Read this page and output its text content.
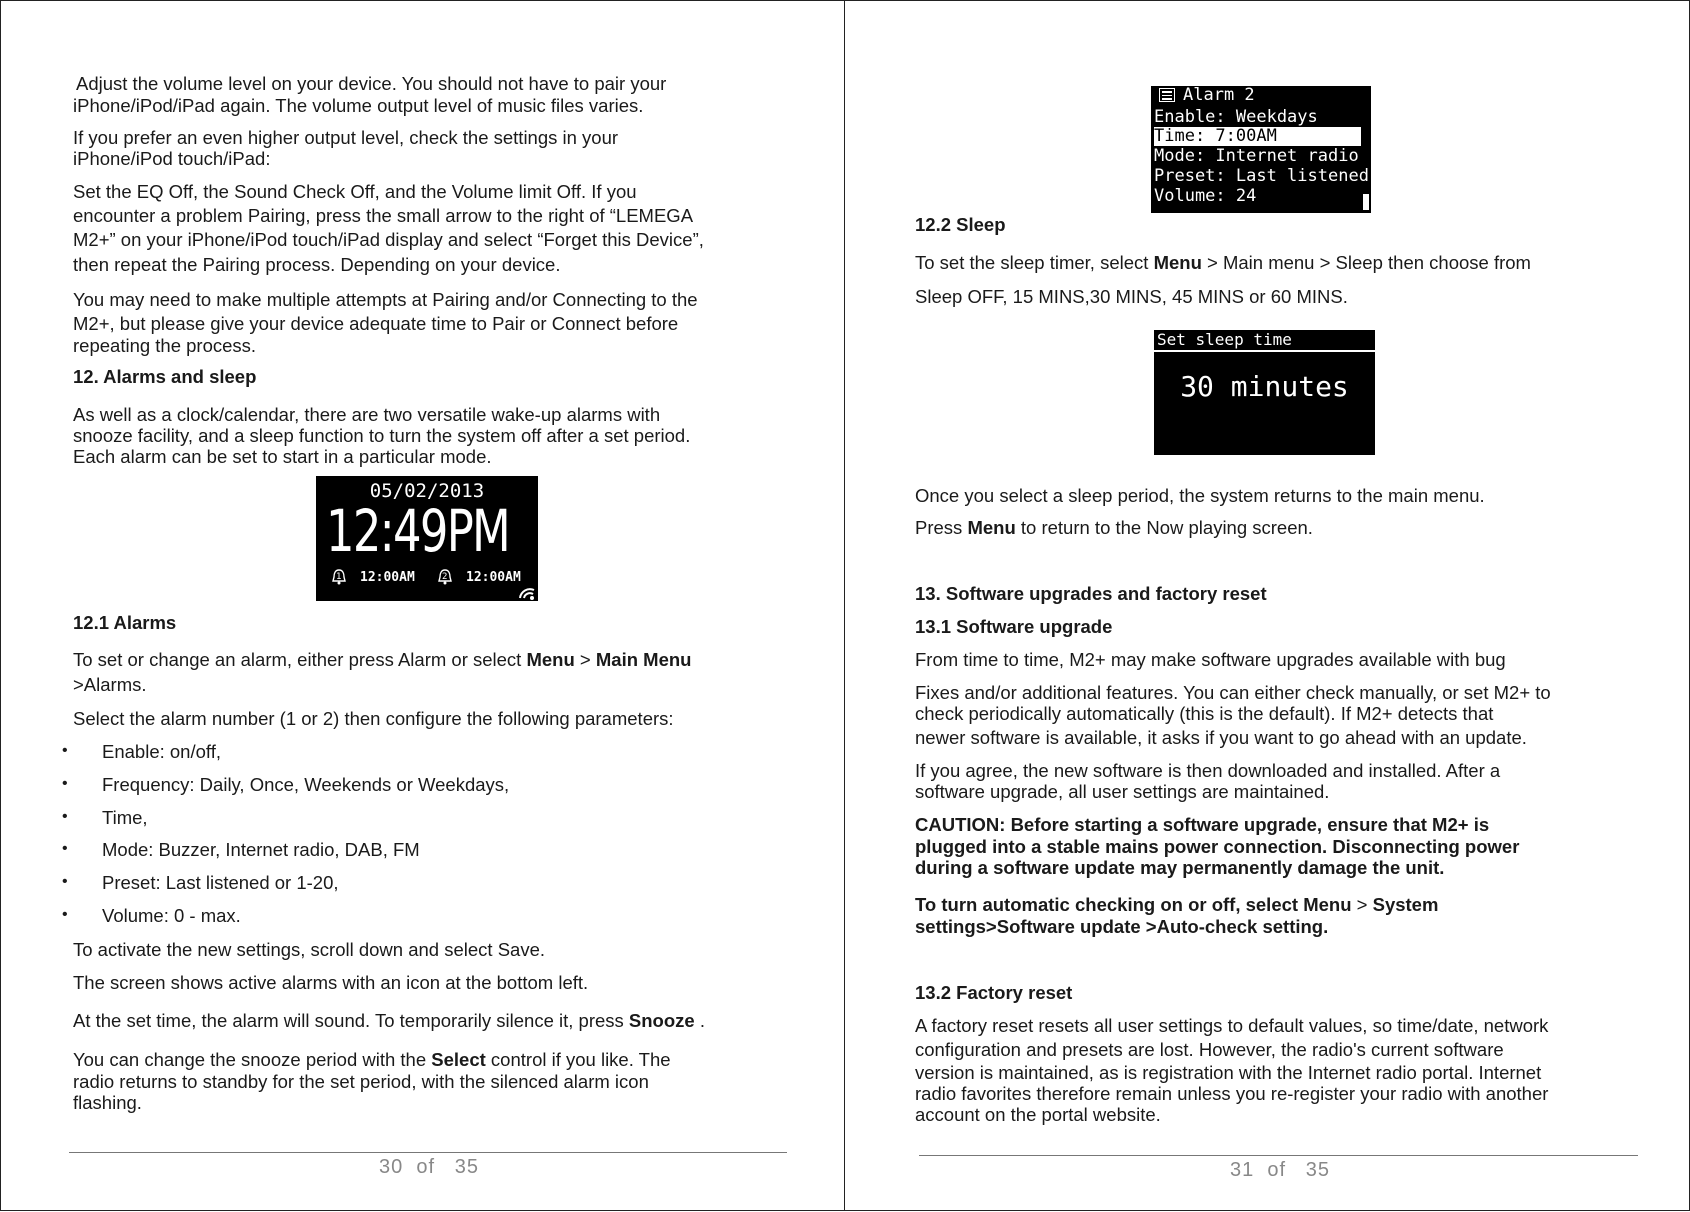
Adjust the volume level on your device. You should not have to pair your

iPhone/iPod/iPad again. The volume output level of music files varies.

If you prefer an even higher output level, check the settings in your

iPhone/iPod touch/iPad:

Set the EQ Off, the Sound Check Off, and the Volume limit Off. If you

encounter a problem Pairing, press the small arrow to the right of “LEMEGA

M2+” on your iPhone/iPod touch/iPad display and select “Forget this Device”,

then repeat the Pairing process. Depending on your device.

You may need to make multiple attempts at Pairing and/or Connecting to the

M2+, but please give your device adequate time to Pair or Connect before

repeating the process.

12. Alarms and sleep

As well as a clock/calendar, there are two versatile wake-up alarms with

snooze facility, and a sleep function to turn the system off after a set period.

Each alarm can be set to start in a particular mode.

05/02/2013
12:49PM
1 12:00AM	2 12:00AM

12.1 Alarms

To set or change an alarm, either press Alarm or select Menu > Main Menu

>Alarms.

Select the alarm number (1 or 2) then configure the following parameters:

• Enable: on/off,

• Frequency: Daily, Once, Weekends or Weekdays,

• Time,

• Mode: Buzzer, Internet radio, DAB, FM

• Preset: Last listened or 1-20,

• Volume: 0 - max.

To activate the new settings, scroll down and select Save.

The screen shows active alarms with an icon at the bottom left.

At the set time, the alarm will sound. To temporarily silence it, press Snooze .

You can change the snooze period with the Select control if you like. The

radio returns to standby for the set period, with the silenced alarm icon

flashing.

30  of   35
Alarm 2
Enable: Weekdays
Time: 7:00AM
Mode: Internet radio
Preset: Last listened
Volume: 24

12.2 Sleep

To set the sleep timer, select Menu > Main menu > Sleep then choose from

Sleep OFF, 15 MINS,30 MINS, 45 MINS or 60 MINS.

Set sleep time
30 minutes

Once you select a sleep period, the system returns to the main menu.

Press Menu to return to the Now playing screen.

13. Software upgrades and factory reset

13.1 Software upgrade

From time to time, M2+ may make software upgrades available with bug

Fixes and/or additional features. You can either check manually, or set M2+ to

check periodically automatically (this is the default). If M2+ detects that

newer software is available, it asks if you want to go ahead with an update.

If you agree, the new software is then downloaded and installed. After a

software upgrade, all user settings are maintained.

CAUTION: Before starting a software upgrade, ensure that M2+ is

plugged into a stable mains power connection. Disconnecting power

during a software update may permanently damage the unit.

To turn automatic checking on or off, select Menu > System

settings>Software update >Auto-check setting.

13.2 Factory reset

A factory reset resets all user settings to default values, so time/date, network

configuration and presets are lost. However, the radio's current software

version is maintained, as is registration with the Internet radio portal. Internet

radio favorites therefore remain unless you re-register your radio with another

account on the portal website.

31  of   35
